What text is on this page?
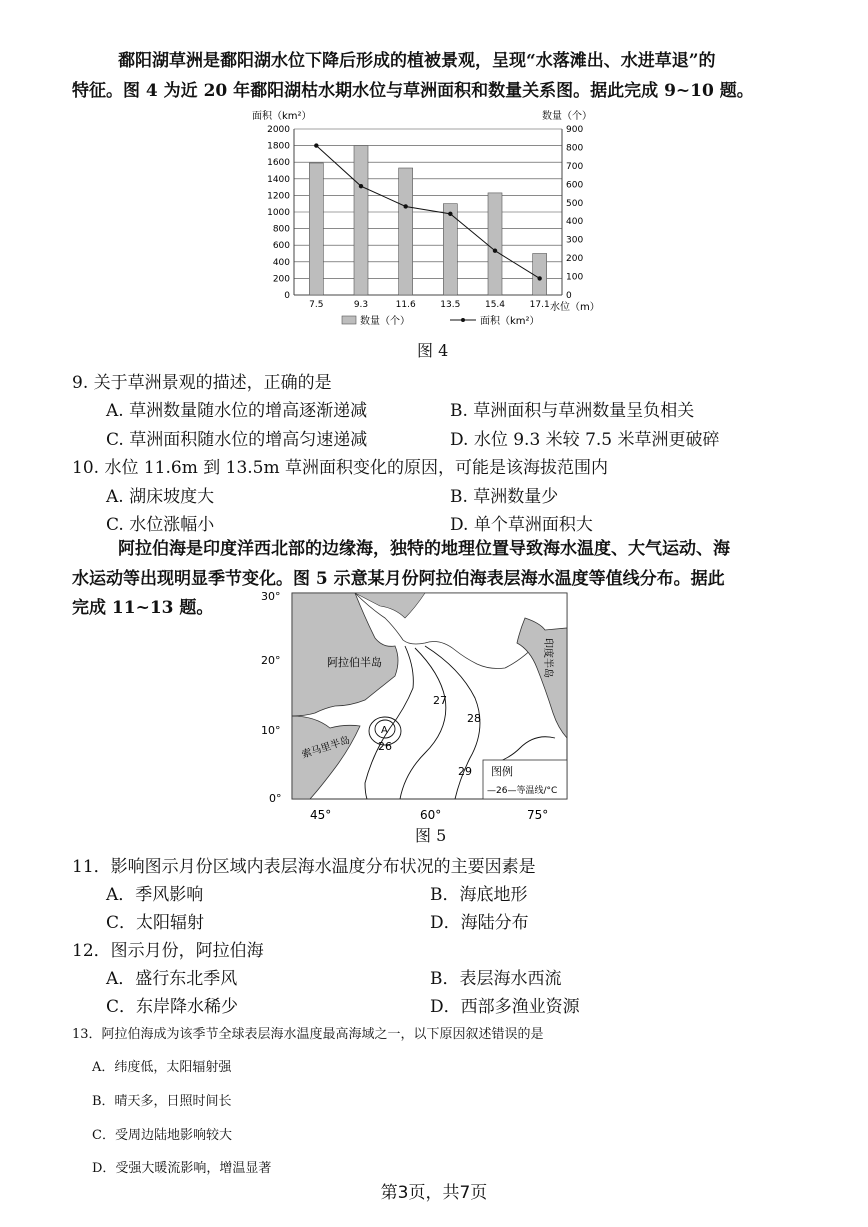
鄱阳湖草洲是鄱阳湖水位下降后形成的植被景观，呈现“水落滩出、水进草退”的
特征。图 4 为近 20 年鄱阳湖枯水期水位与草洲面积和数量关系图。据此完成 9~10 题。
0
200
400
600
800
1000
1200
1400
1600
1800
2000
0
100
200
300
400
500
600
700
800
900
7.5	9.3	11.6	13.5	15.4	17.1
面积（km²）	数量（个）
水位（m）
数量（个）	面积（km²）
图 4
9. 关于草洲景观的描述，正确的是
A. 草洲数量随水位的增高逐渐递减	B. 草洲面积与草洲数量呈负相关
C. 草洲面积随水位的增高匀速递减	D. 水位 9.3 米较 7.5 米草洲更破碎
10. 水位 11.6m 到 13.5m 草洲面积变化的原因，可能是该海拔范围内
A. 湖床坡度大	B. 草洲数量少
C. 水位涨幅小	D. 单个草洲面积大
阿拉伯海是印度洋西北部的边缘海，独特的地理位置导致海水温度、大气运动、海
水运动等出现明显季节变化。图 5 示意某月份阿拉伯海表层海水温度等值线分布。据此
完成 11~13 题。
阿拉伯半岛	印度半岛
索马里半岛
A
26
27
28
29 图例
—26—等温线/°C
30°
20°
10°
0°
45°	60°	75°
图 5
11．影响图示月份区域内表层海水温度分布状况的主要因素是
A．季风影响	B．海底地形
C．太阳辐射	D．海陆分布
12．图示月份，阿拉伯海
A．盛行东北季风	B．表层海水西流
C．东岸降水稀少	D．西部多渔业资源
13．阿拉伯海成为该季节全球表层海水温度最高海域之一，以下原因叙述错误的是
A．纬度低，太阳辐射强
B．晴天多，日照时间长
C．受周边陆地影响较大
D．受强大暖流影响，增温显著
第3页，共7页
